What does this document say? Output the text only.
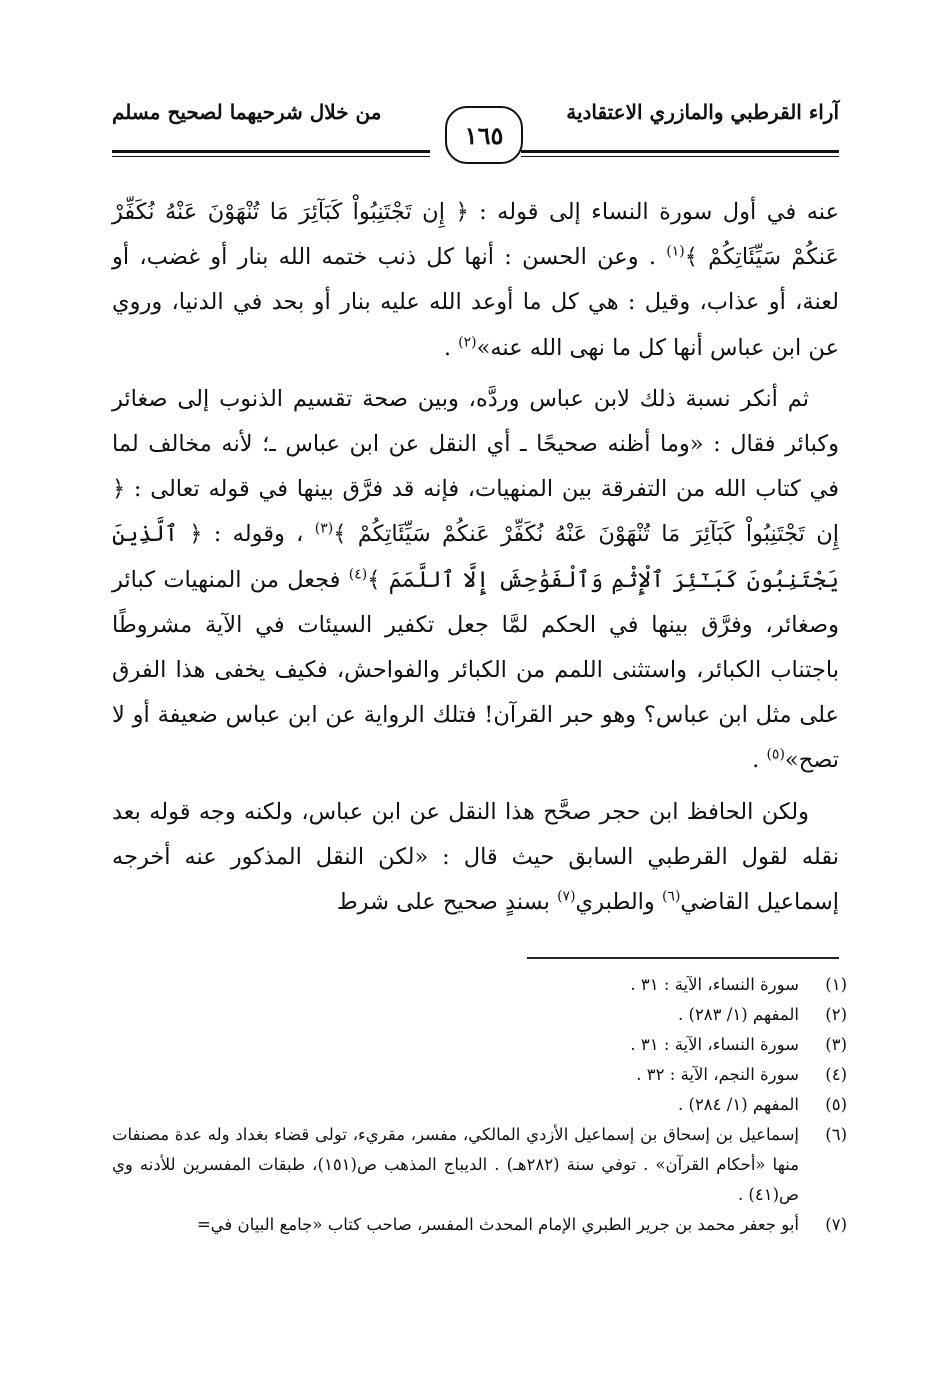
آراء القرطبي والمازري الاعتقادية
من خلال شرحيهما لصحيح مسلم
١٦٥

عنه في أول سورة النساء إلى قوله : ﴿ إِن تَجْتَنِبُواْ كَبَآئِرَ مَا تُنْهَوْنَ عَنْهُ نُكَفِّرْ عَنكُمْ سَيِّئَاتِكُمْ ﴾$^{(١)}$ . وعن الحسن : أنها كل ذنب ختمه الله بنار أو غضب، أو لعنة، أو عذاب، وقيل : هي كل ما أوعد الله عليه بنار أو بحد في الدنيا، وروي عن ابن عباس أنها كل ما نهى الله عنه»$^{(٢)}$ .

ثم أنكر نسبة ذلك لابن عباس وردَّه، وبين صحة تقسيم الذنوب إلى صغائر وكبائر فقال : «وما أظنه صحيحًا ـ أي النقل عن ابن عباس ـ؛ لأنه مخالف لما في كتاب الله من التفرقة بين المنهيات، فإنه قد فرَّق بينها في قوله تعالى : ﴿ إِن تَجْتَنِبُواْ كَبَآئِرَ مَا تُنْهَوْنَ عَنْهُ نُكَفِّرْ عَنكُمْ سَيِّئَاتِكُمْ ﴾$^{(٣)}$ ، وقوله : ﴿ ٱلَّذِينَ يَجْتَنِبُونَ كَبَـٰٓئِرَ ٱلْإِثْمِ وَٱلْفَوَٰحِشَ إِلَّا ٱللَّمَمَ ﴾$^{(٤)}$ فجعل من المنهيات كبائر وصغائر، وفرَّق بينها في الحكم لمَّا جعل تكفير السيئات في الآية مشروطًا باجتناب الكبائر، واستثنى اللمم من الكبائر والفواحش، فكيف يخفى هذا الفرق على مثل ابن عباس؟ وهو حبر القرآن! فتلك الرواية عن ابن عباس ضعيفة أو لا تصح»$^{(٥)}$ .

ولكن الحافظ ابن حجر صحَّح هذا النقل عن ابن عباس، ولكنه وجه قوله بعد نقله لقول القرطبي السابق حيث قال : «لكن النقل المذكور عنه أخرجه إسماعيل القاضي$^{(٦)}$ والطبري$^{(٧)}$ بسندٍ صحيح على شرط

(١)
سورة النساء، الآية : ٣١ .
(٢)
المفهم (١/ ٢٨٣) .
(٣)
سورة النساء، الآية : ٣١ .
(٤)
سورة النجم، الآية : ٣٢ .
(٥)
المفهم (١/ ٢٨٤) .
(٦)
إسماعيل بن إسحاق بن إسماعيل الأزدي المالكي، مفسر، مقريء، تولى قضاء بغداد وله عدة مصنفات منها «أحكام القرآن» . توفي سنة (٢٨٢هـ) . الديباج المذهب ص(١٥١)، طبقات المفسرين للأدنه وي ص(٤١) .
(٧)
أبو جعفر محمد بن جرير الطبري الإمام المحدث المفسر، صاحب كتاب «جامع البيان في=
